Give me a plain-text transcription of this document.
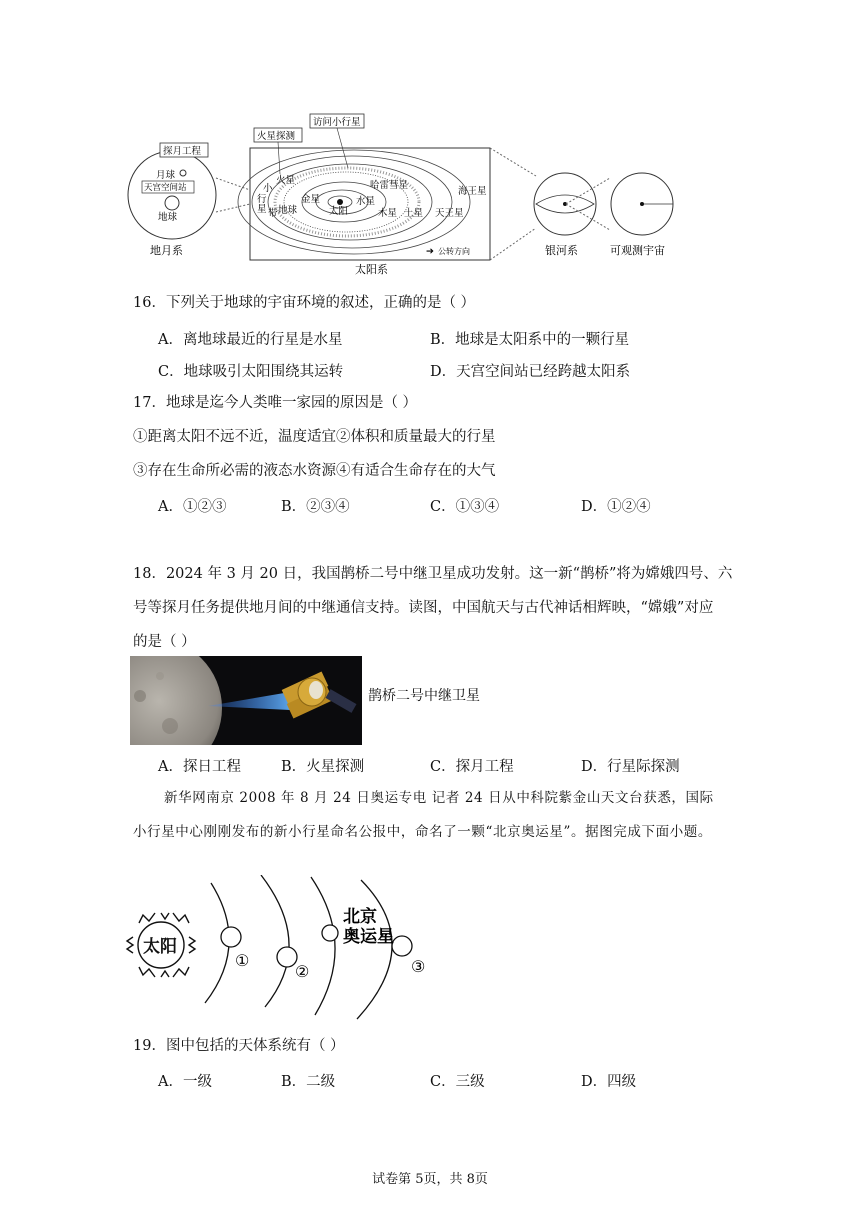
探月工程
月球
天宫空间站
地球
地月系
太阳
水星
金星
地球
火星
小
行
星 带
哈雷彗星
木星 土星 天王星
海王星
火星探测
访问小行星
➔ 公转方向
太阳系
银河系	可观测宇宙
16．下列关于地球的宇宙环境的叙述，正确的是（ ）
A．离地球最近的行星是水星	B．地球是太阳系中的一颗行星
C．地球吸引太阳围绕其运转	D．天宫空间站已经跨越太阳系
17．地球是迄今人类唯一家园的原因是（ ）
①距离太阳不远不近，温度适宜②体积和质量最大的行星
③存在生命所必需的液态水资源④有适合生命存在的大气
A．①②③	B．②③④	C．①③④	D．①②④
18．2024 年 3 月 20 日，我国鹊桥二号中继卫星成功发射。这一新“鹊桥”将为嫦娥四号、六
号等探月任务提供地月间的中继通信支持。读图，中国航天与古代神话相辉映，“嫦娥”对应
的是（ ）
鹊桥二号中继卫星
A．探日工程	B．火星探测	C．探月工程	D．行星际探测
新华网南京 2008 年 8 月 24 日奥运专电 记者 24 日从中科院紫金山天文台获悉，国际
小行星中心刚刚发布的新小行星命名公报中，命名了一颗“北京奥运星”。据图完成下面小题。
太阳
①
②	③
北京
奥运星
19．图中包括的天体系统有（ ）
A．一级	B．二级	C．三级	D．四级
试卷第 5页，共 8页
